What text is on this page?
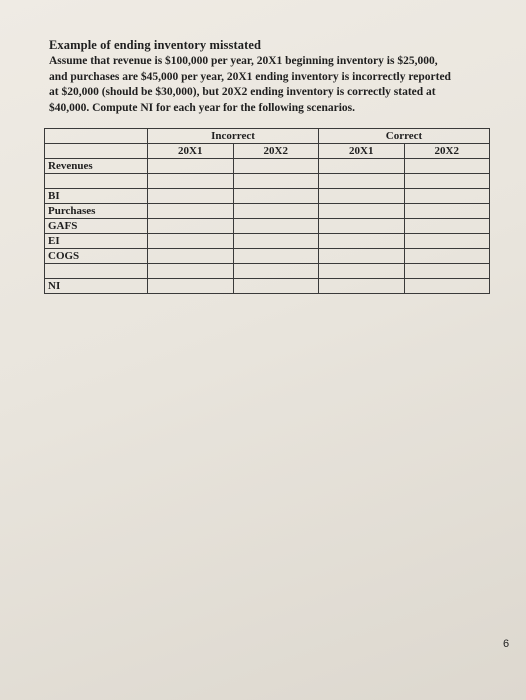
Example of ending inventory misstated

Assume that revenue is $100,000 per year, 20X1 beginning inventory is $25,000,

and purchases are $45,000 per year, 20X1 ending inventory is incorrectly reported

at $20,000 (should be $30,000), but 20X2 ending inventory is correctly stated at

$40,000. Compute NI for each year for the following scenarios.

	Incorrect		Correct	
	20X1	20X2	20X1	20X2
Revenues				

BI				
Purchases				
GAFS				
EI				
COGS				

NI				
6
